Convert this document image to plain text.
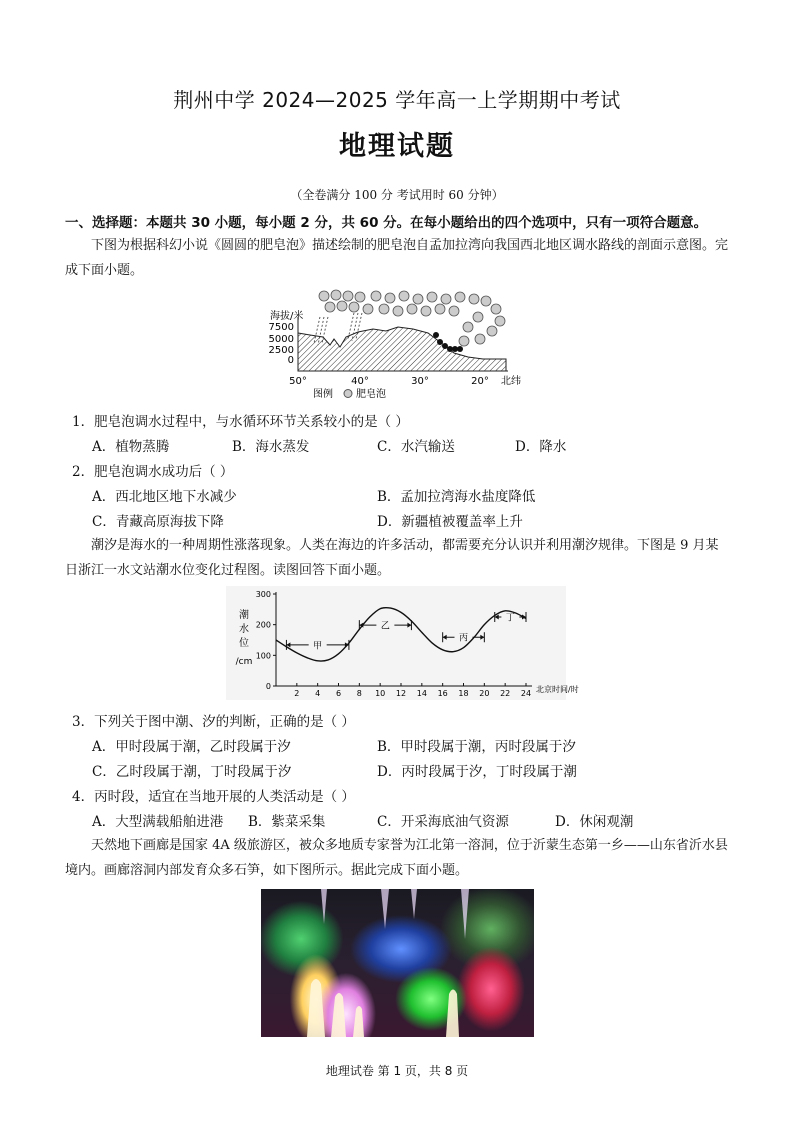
荆州中学 2024—2025 学年高一上学期期中考试
地理试题
（全卷满分 100 分 考试用时 60 分钟）
一、选择题：本题共 30 小题，每小题 2 分，共 60 分。在每小题给出的四个选项中，只有一项符合题意。
下图为根据科幻小说《圆圆的肥皂泡》描述绘制的肥皂泡自孟加拉湾向我国西北地区调水路线的剖面示意图。完成下面小题。
海拔/米
7500
5000
2500
0
50°	40°	30°	20° 北纬
图例 肥皂泡
1．肥皂泡调水过程中，与水循环环节关系较小的是（ ）
A．植物蒸腾	B．海水蒸发	C．水汽输送	D．降水
2．肥皂泡调水成功后（ ）
A．西北地区地下水减少	B．孟加拉湾海水盐度降低
C．青藏高原海拔下降	D．新疆植被覆盖率上升
潮汐是海水的一种周期性涨落现象。人类在海边的许多活动，都需要充分认识并利用潮汐规律。下图是 9 月某日浙江一水文站潮水位变化过程图。读图回答下面小题。
潮
水
位
/cm
0
100
200
300
2 4 6 8 10 12 14 16 18 20 22 24 北京时间/时
甲
乙
丙
丁
3．下列关于图中潮、汐的判断，正确的是（ ）
A．甲时段属于潮，乙时段属于汐	B．甲时段属于潮，丙时段属于汐
C．乙时段属于潮，丁时段属于汐	D．丙时段属于汐，丁时段属于潮
4．丙时段，适宜在当地开展的人类活动是（ ）
A．大型满载船舶进港 B．紫菜采集	C．开采海底油气资源	D．休闲观潮
天然地下画廊是国家 4A 级旅游区，被众多地质专家誉为江北第一溶洞，位于沂蒙生态第一乡——山东省沂水县境内。画廊溶洞内部发育众多石笋，如下图所示。据此完成下面小题。
地理试卷 第 1 页，共 8 页
